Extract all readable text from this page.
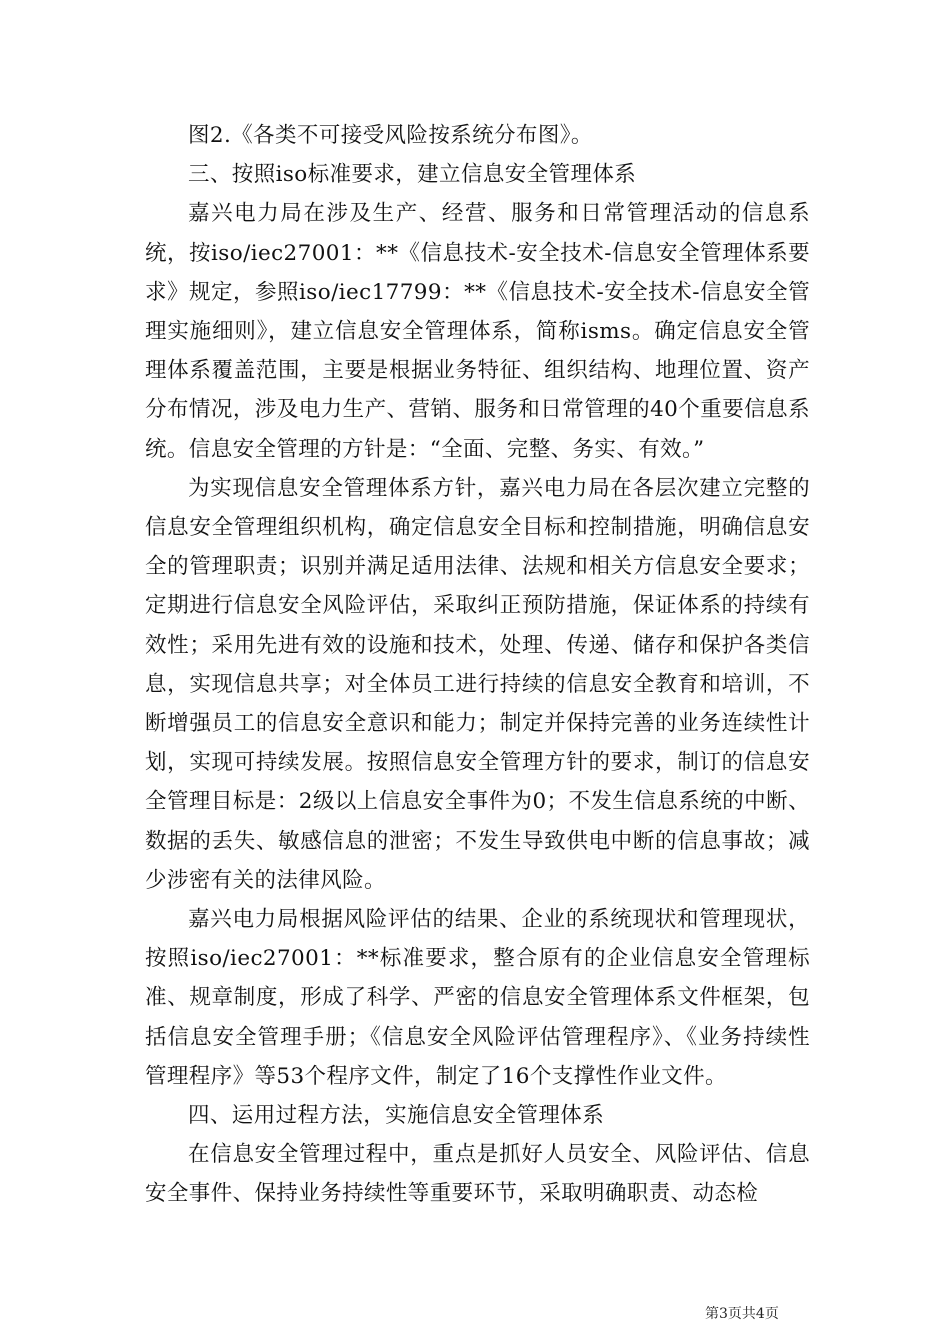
图2.《各类不可接受风险按系统分布图》。

三、按照iso标准要求，建立信息安全管理体系

嘉兴电力局在涉及生产、经营、服务和日常管理活动的信息系统，按iso/iec27001：**《信息技术-安全技术-信息安全管理体系要求》规定，参照iso/iec17799：**《信息技术-安全技术-信息安全管理实施细则》，建立信息安全管理体系，简称isms。确定信息安全管理体系覆盖范围，主要是根据业务特征、组织结构、地理位置、资产分布情况，涉及电力生产、营销、服务和日常管理的40个重要信息系统。信息安全管理的方针是：“全面、完整、务实、有效。”

为实现信息安全管理体系方针，嘉兴电力局在各层次建立完整的信息安全管理组织机构，确定信息安全目标和控制措施，明确信息安全的管理职责；识别并满足适用法律、法规和相关方信息安全要求；定期进行信息安全风险评估，采取纠正预防措施，保证体系的持续有效性；采用先进有效的设施和技术，处理、传递、储存和保护各类信息，实现信息共享；对全体员工进行持续的信息安全教育和培训，不断增强员工的信息安全意识和能力；制定并保持完善的业务连续性计划，实现可持续发展。按照信息安全管理方针的要求，制订的信息安全管理目标是：2级以上信息安全事件为0；不发生信息系统的中断、数据的丢失、敏感信息的泄密；不发生导致供电中断的信息事故；减少涉密有关的法律风险。

嘉兴电力局根据风险评估的结果、企业的系统现状和管理现状，按照iso/iec27001：**标准要求，整合原有的企业信息安全管理标准、规章制度，形成了科学、严密的信息安全管理体系文件框架，包括信息安全管理手册；《信息安全风险评估管理程序》、《业务持续性管理程序》等53个程序文件，制定了16个支撑性作业文件。

四、运用过程方法，实施信息安全管理体系

在信息安全管理过程中，重点是抓好人员安全、风险评估、信息安全事件、保持业务持续性等重要环节，采取明确职责、动态检

第3页共4页
